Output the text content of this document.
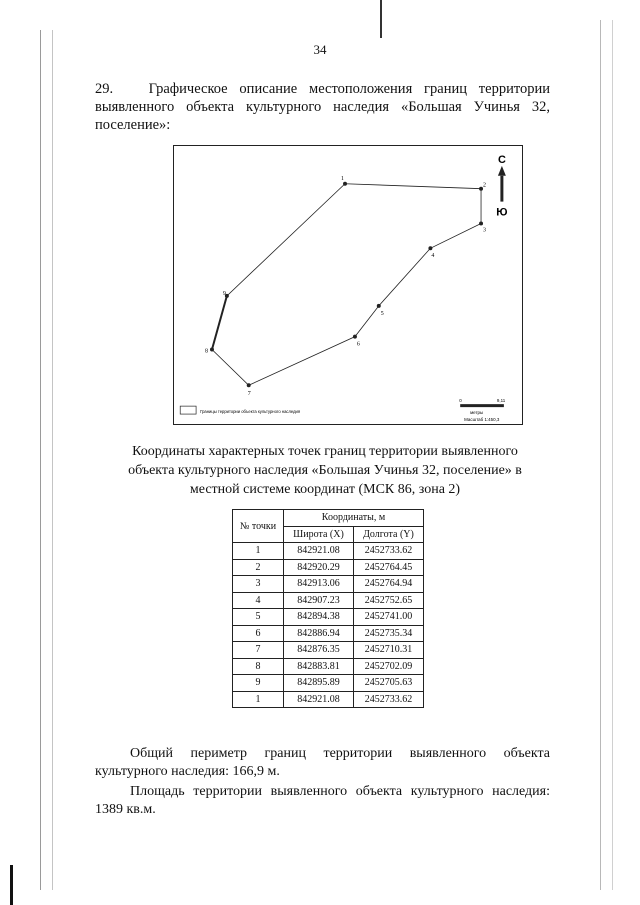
34
29.   Графическое описание местоположения границ территории выявленного объекта культурного наследия «Большая Учинья 32, поселение»:
1
2
3
4
5
6
7
8
9
С
Ю
Границы территории объекта культурного наследия
0	9,11
метры
Масштаб 1:450,3
Координаты характерных точек границ территории выявленного объекта культурного наследия «Большая Учинья 32, поселение» в местной системе координат (МСК 86, зона 2)
№ точки	Координаты, м	
	Широта (X)	Долгота (Y)
1	842921.08	2452733.62
2	842920.29	2452764.45
3	842913.06	2452764.94
4	842907.23	2452752.65
5	842894.38	2452741.00
6	842886.94	2452735.34
7	842876.35	2452710.31
8	842883.81	2452702.09
9	842895.89	2452705.63
1	842921.08	2452733.62
Общий периметр границ территории выявленного объекта культурного наследия: 166,9 м.
Площадь территории выявленного объекта культурного наследия: 1389 кв.м.
